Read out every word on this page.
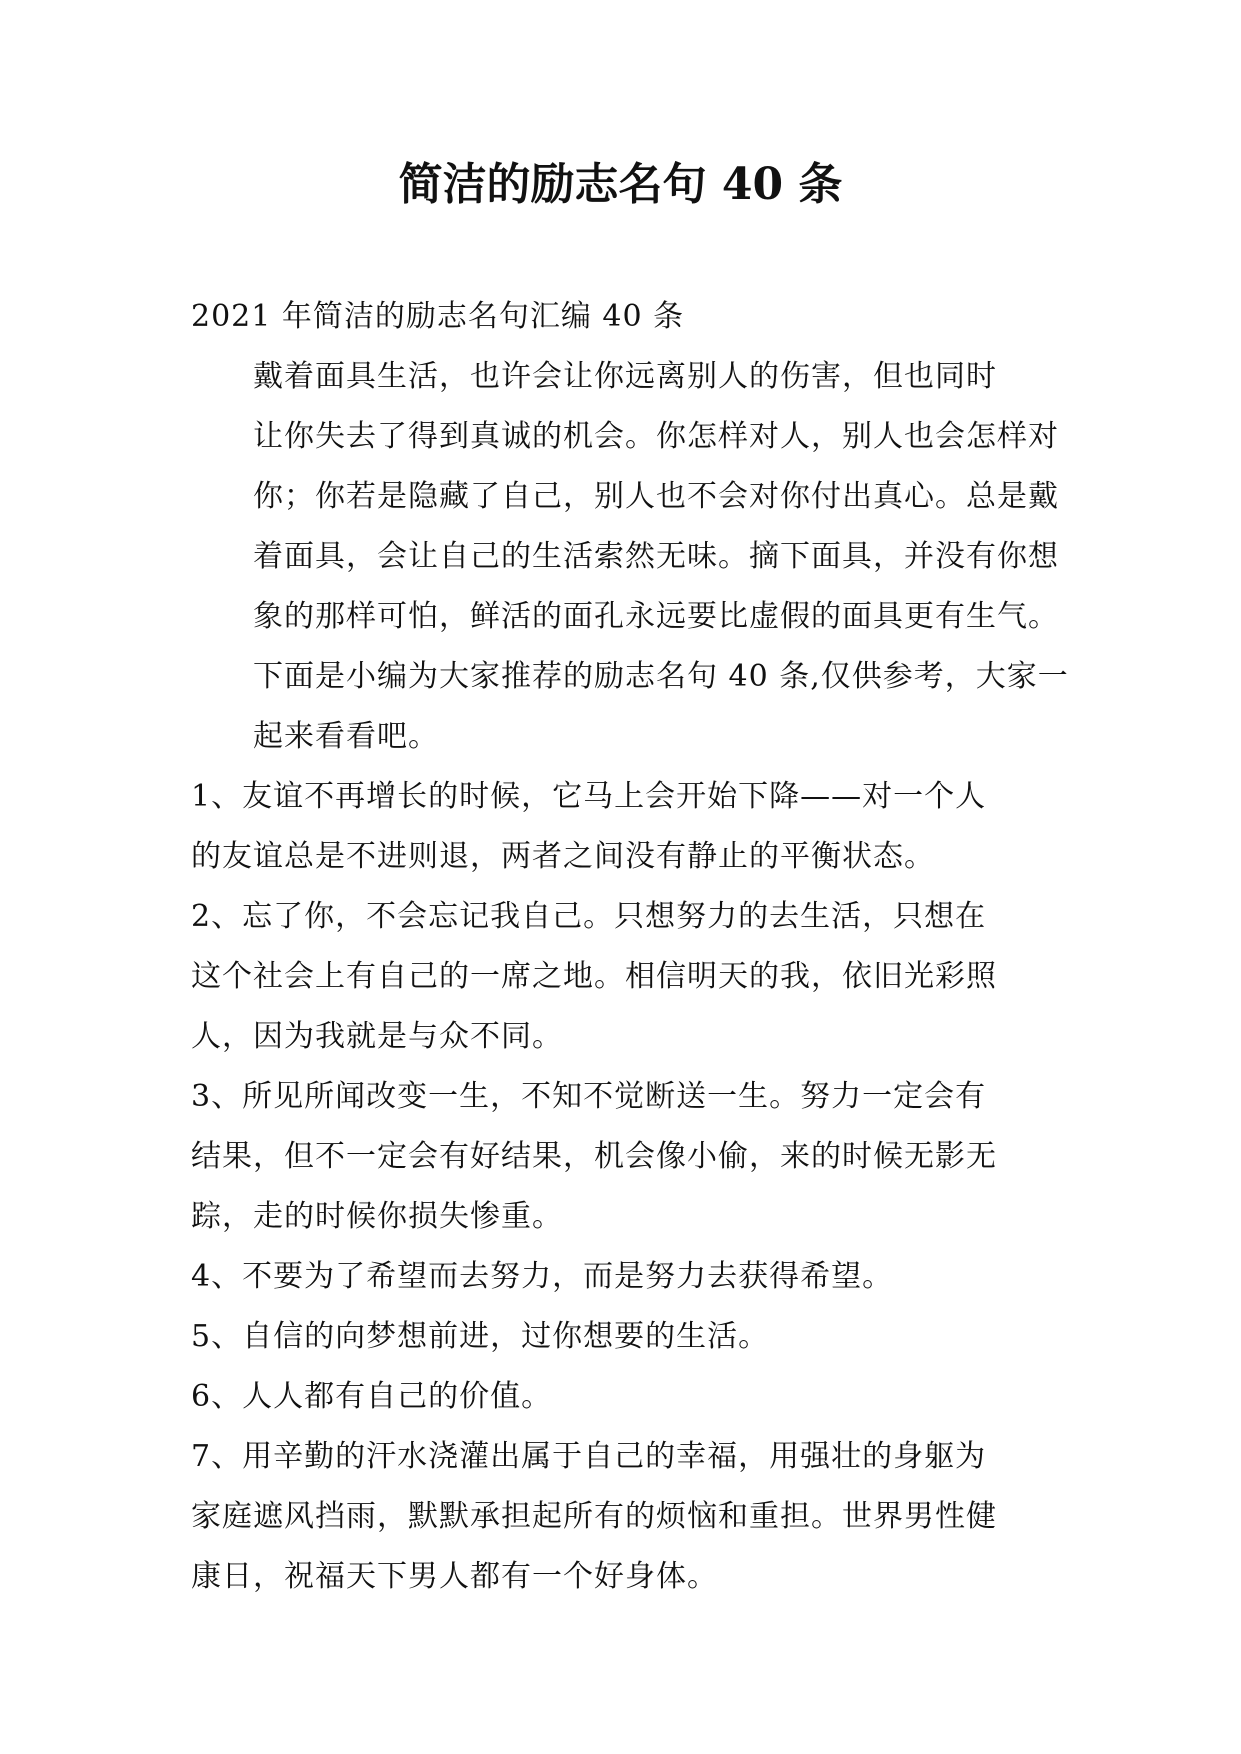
简洁的励志名句 40 条

2021 年简洁的励志名句汇编 40 条

戴着面具生活，也许会让你远离别人的伤害，但也同时
让你失去了得到真诚的机会。你怎样对人，别人也会怎样对
你；你若是隐藏了自己，别人也不会对你付出真心。总是戴
着面具，会让自己的生活索然无味。摘下面具，并没有你想
象的那样可怕，鲜活的面孔永远要比虚假的面具更有生气。
下面是小编为大家推荐的励志名句 40 条,仅供参考，大家一
起来看看吧。

1、友谊不再增长的时候，它马上会开始下降——对一个人
的友谊总是不进则退，两者之间没有静止的平衡状态。

2、忘了你，不会忘记我自己。只想努力的去生活，只想在
这个社会上有自己的一席之地。相信明天的我，依旧光彩照
人，因为我就是与众不同。

3、所见所闻改变一生，不知不觉断送一生。努力一定会有
结果，但不一定会有好结果，机会像小偷，来的时候无影无
踪，走的时候你损失惨重。

4、不要为了希望而去努力，而是努力去获得希望。

5、自信的向梦想前进，过你想要的生活。

6、人人都有自己的价值。

7、用辛勤的汗水浇灌出属于自己的幸福，用强壮的身躯为
家庭遮风挡雨，默默承担起所有的烦恼和重担。世界男性健
康日，祝福天下男人都有一个好身体。
